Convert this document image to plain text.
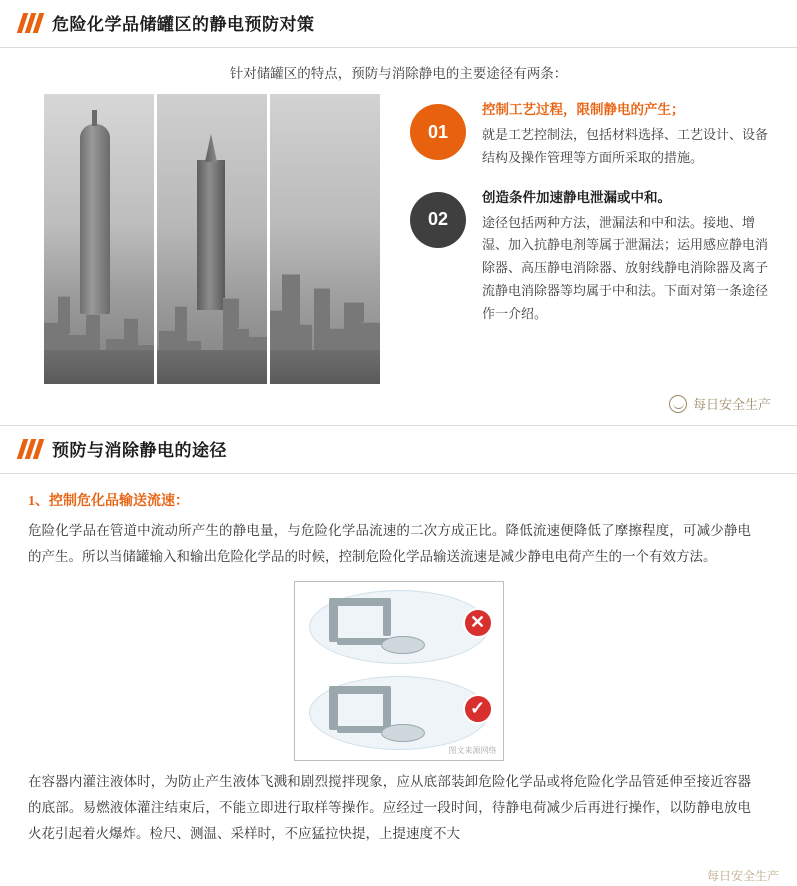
危险化学品储罐区的静电预防对策
针对储罐区的特点，预防与消除静电的主要途径有两条：
01
控制工艺过程，限制静电的产生；
就是工艺控制法，包括材料选择、工艺设计、设备结构及操作管理等方面所采取的措施。
02
创造条件加速静电泄漏或中和。
途径包括两种方法，泄漏法和中和法。接地、增湿、加入抗静电剂等属于泄漏法；运用感应静电消除器、高压静电消除器、放射线静电消除器及离子流静电消除器等均属于中和法。下面对第一条途径作一介绍。
每日安全生产
预防与消除静电的途径
1、控制危化品输送流速：
危险化学品在管道中流动所产生的静电量，与危险化学品流速的二次方成正比。降低流速便降低了摩擦程度，可减少静电的产生。所以当储罐输入和输出危险化学品的时候，控制危险化学品输送流速是减少静电电荷产生的一个有效方法。
✕
✓
图文来源网络
在容器内灌注液体时，为防止产生液体飞溅和剧烈搅拌现象，应从底部装卸危险化学品或将危险化学品管延伸至接近容器的底部。易燃液体灌注结束后，不能立即进行取样等操作。应经过一段时间，待静电荷减少后再进行操作，以防静电放电火花引起着火爆炸。检尺、测温、采样时，不应猛拉快提，上提速度不大
每日安全生产
